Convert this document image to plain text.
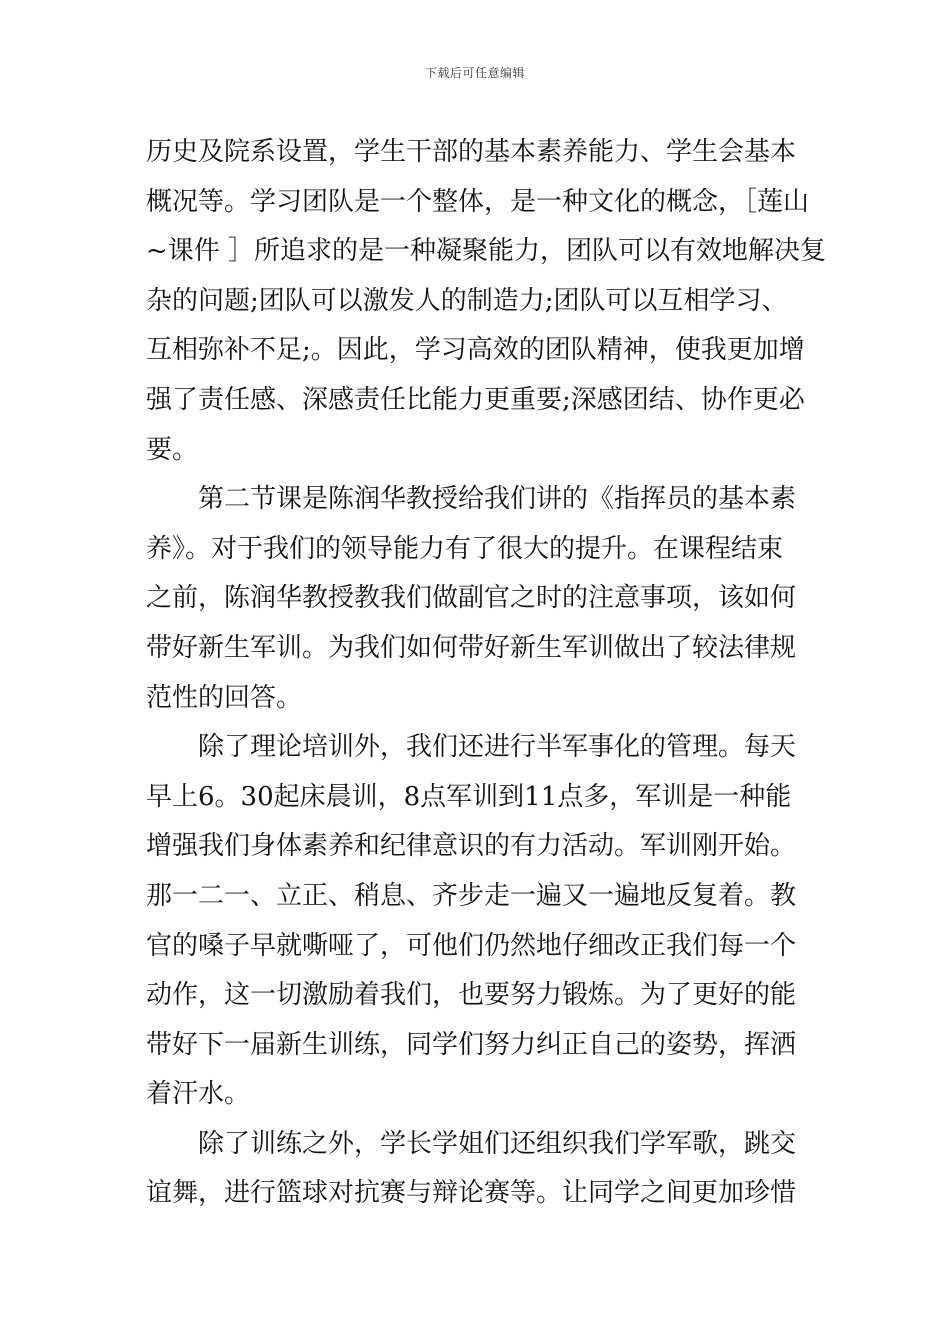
下载后可任意编辑
历史及院系设置，学生干部的基本素养能力、学生会基本
概况等。学习团队是一个整体，是一种文化的概念，［莲山
~课件 ］所追求的是一种凝聚能力，团队可以有效地解决复
杂的问题;团队可以激发人的制造力;团队可以互相学习、
互相弥补不足;。因此，学习高效的团队精神，使我更加增
强了责任感、深感责任比能力更重要;深感团结、协作更必
要。
第二节课是陈润华教授给我们讲的《指挥员的基本素
养》。对于我们的领导能力有了很大的提升。在课程结束
之前，陈润华教授教我们做副官之时的注意事项，该如何
带好新生军训。为我们如何带好新生军训做出了较法律规
范性的回答。
除了理论培训外，我们还进行半军事化的管理。每天
早上6。30起床晨训，8点军训到11点多，军训是一种能
增强我们身体素养和纪律意识的有力活动。军训刚开始。
那一二一、立正、稍息、齐步走一遍又一遍地反复着。教
官的嗓子早就嘶哑了，可他们仍然地仔细改正我们每一个
动作，这一切激励着我们，也要努力锻炼。为了更好的能
带好下一届新生训练，同学们努力纠正自己的姿势，挥洒
着汗水。
除了训练之外，学长学姐们还组织我们学军歌，跳交
谊舞，进行篮球对抗赛与辩论赛等。让同学之间更加珍惜
